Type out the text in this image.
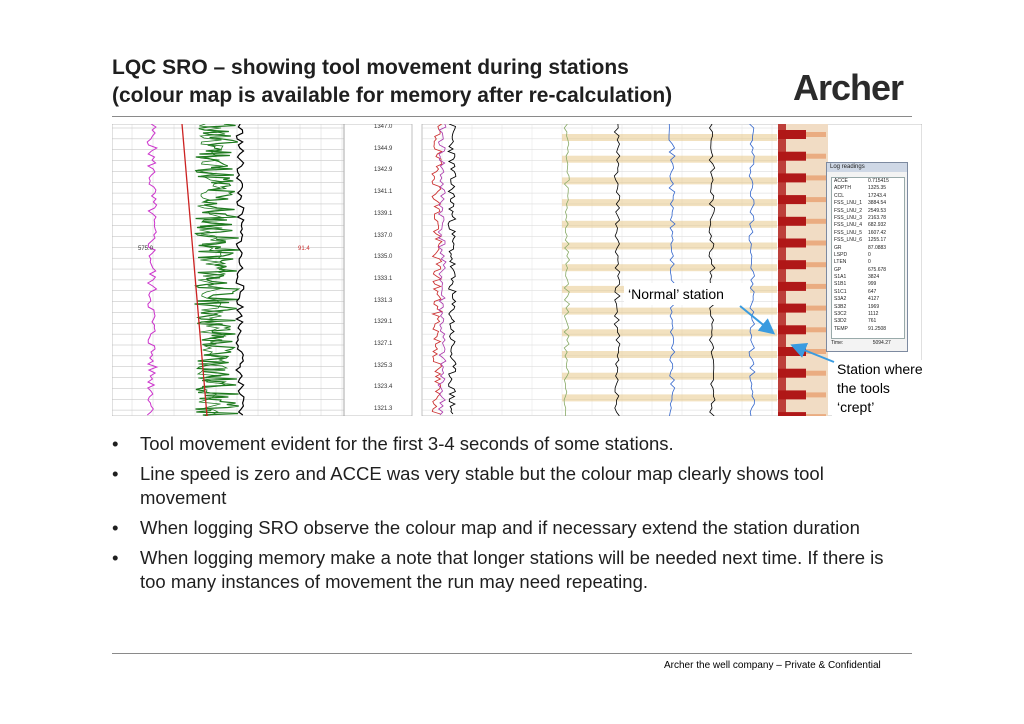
LQC SRO – showing tool movement during stations
(colour map is available for memory after re-calculation)	Archer
1347.0
1344.9
1342.9
1341.1
1339.1
1337.0
1335.0
1333.1
1331.3
1329.1
1327.1
1325.3
1323.4
1321.3
575.0	91.4
Log readings
ACCE	0.715415
ADPTH	1325.35
CCL	17243.4
FSS_LNU_1	3884.54
FSS_LNU_2	2549.53
FSS_LNU_3	2163.78
FSS_LNU_4	682.932
FSS_LNU_5	1607.42
FSS_LNU_6	1255.17
GR	87.0883
LSPD	0
LTEN	0
GP	675.678
S1A1	3824
S1B1	999
S1C1	647
S3A2	4127
S3B2	1969
S3C2	1112
S3D2	761
TEMP	91.2508
Time:	5094.27
‘Normal’ station
Station where the tools ‘crept’
• Tool movement evident for the first 3-4 seconds of some stations.
• Line speed is zero and ACCE was very stable but the colour map clearly shows tool movement
• When logging SRO observe the colour map and if necessary extend the station duration
• When logging memory make a note that longer stations will be needed next time. If there is too many instances of movement the run may need repeating.
Archer the well company – Private & Confidential
